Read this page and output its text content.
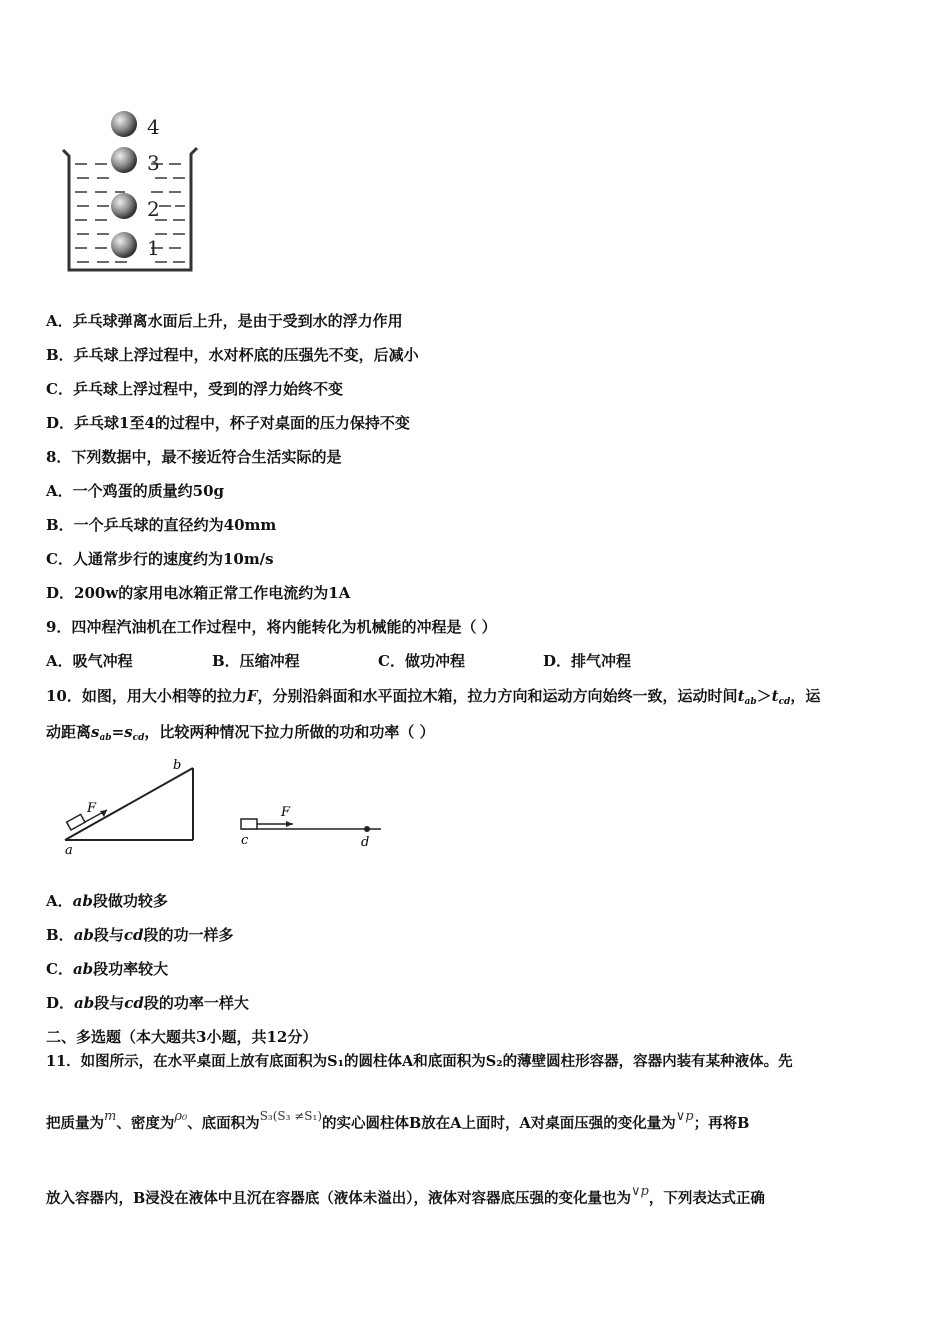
4
3
2
1
A．乒乓球弹离水面后上升，是由于受到水的浮力作用
B．乒乓球上浮过程中，水对杯底的压强先不变，后减小
C．乒乓球上浮过程中，受到的浮力始终不变
D．乒乓球1至4的过程中，杯子对桌面的压力保持不变
8．下列数据中，最不接近符合生活实际的是
A．一个鸡蛋的质量约50g
B．一个乒乓球的直径约为40mm
C．人通常步行的速度约为10m/s
D．200w的家用电冰箱正常工作电流约为1A
9．四冲程汽油机在工作过程中，将内能转化为机械能的冲程是（ ）
A．吸气冲程	B．压缩冲程	C．做功冲程	D．排气冲程
10．如图，用大小相等的拉力F，分别沿斜面和水平面拉木箱，拉力方向和运动方向始终一致，运动时间$t_{ab}>t_{cd}$，运
动距离$s_{ab}=s_{cd}$，比较两种情况下拉力所做的功和功率（ ）
F
a
b
F
c	d
A．ab段做功较多
B．ab段与cd段的功一样多
C．ab段功率较大
D．ab段与cd段的功率一样大
二、多选题（本大题共3小题，共12分）
11．如图所示，在水平桌面上放有底面积为S₁的圆柱体A和底面积为S₂的薄壁圆柱形容器，容器内装有某种液体。先
把质量为m、密度为ρ₀、底面积为$^{S_3(S_3 \ne S_1)}$的实心圆柱体B放在A上面时，A对桌面压强的变化量为∨p；再将B
放入容器内，B浸没在液体中且沉在容器底（液体未溢出），液体对容器底压强的变化量也为∨p，下列表达式正确
